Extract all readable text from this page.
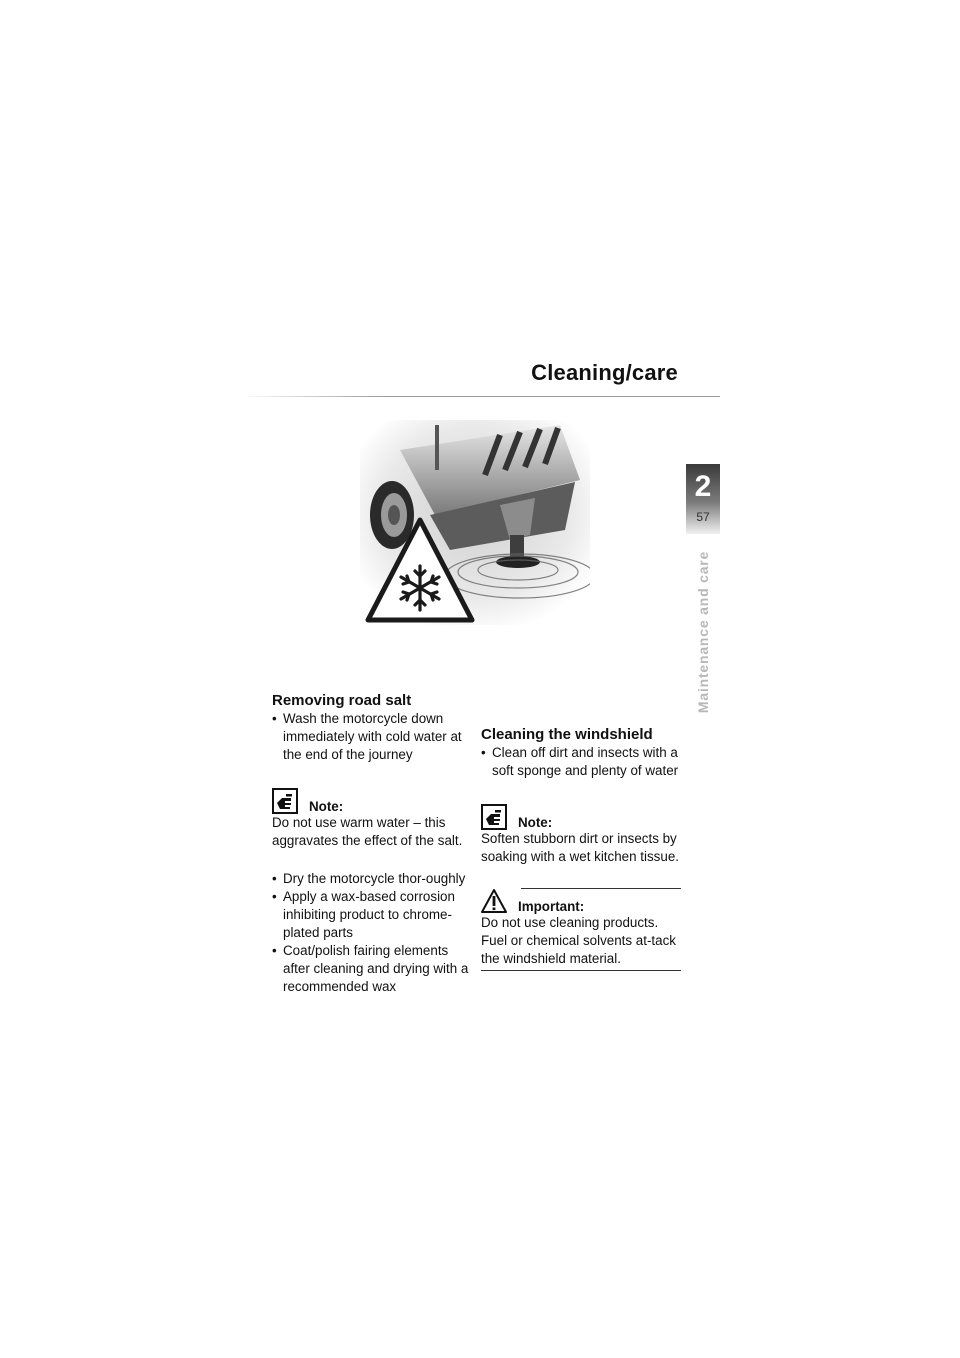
Cleaning/care
2
57
Maintenance and care
Removing road salt
• Wash the motorcycle down immediately with cold water at the end of the journey
Note:

Do not use warm water – this aggravates the effect of the salt.

• Dry the motorcycle thor-oughly
• Apply a wax-based corrosion inhibiting product to chrome-plated parts
• Coat/polish fairing elements after cleaning and drying with a recommended wax
Cleaning the windshield
• Clean off dirt and insects with a soft sponge and plenty of water
Note:

Soften stubborn dirt or insects by soaking with a wet kitchen tissue.

Important:

Do not use cleaning products. Fuel or chemical solvents at-tack the windshield material.
